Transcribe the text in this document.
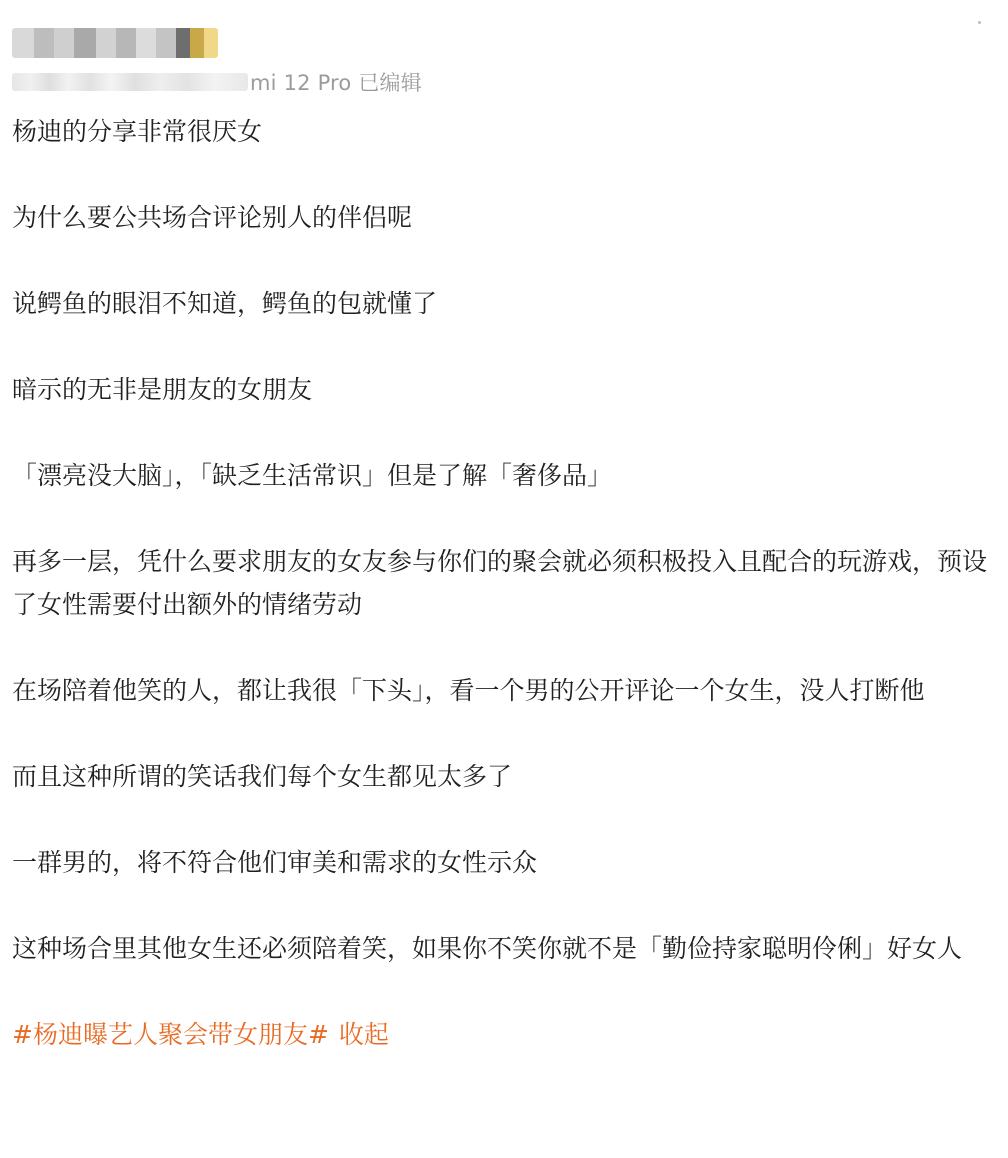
mi 12 Pro 已编辑

杨迪的分享非常很厌女

为什么要公共场合评论别人的伴侣呢

说鳄鱼的眼泪不知道，鳄鱼的包就懂了

暗示的无非是朋友的女朋友

「漂亮没大脑」，「缺乏生活常识」但是了解「奢侈品」

再多一层，凭什么要求朋友的女友参与你们的聚会就必须积极投入且配合的玩游戏，预设了女性需要付出额外的情绪劳动

在场陪着他笑的人，都让我很「下头」，看一个男的公开评论一个女生，没人打断他

而且这种所谓的笑话我们每个女生都见太多了

一群男的，将不符合他们审美和需求的女性示众

这种场合里其他女生还必须陪着笑，如果你不笑你就不是「勤俭持家聪明伶俐」好女人

#杨迪曝艺人聚会带女朋友# 收起
